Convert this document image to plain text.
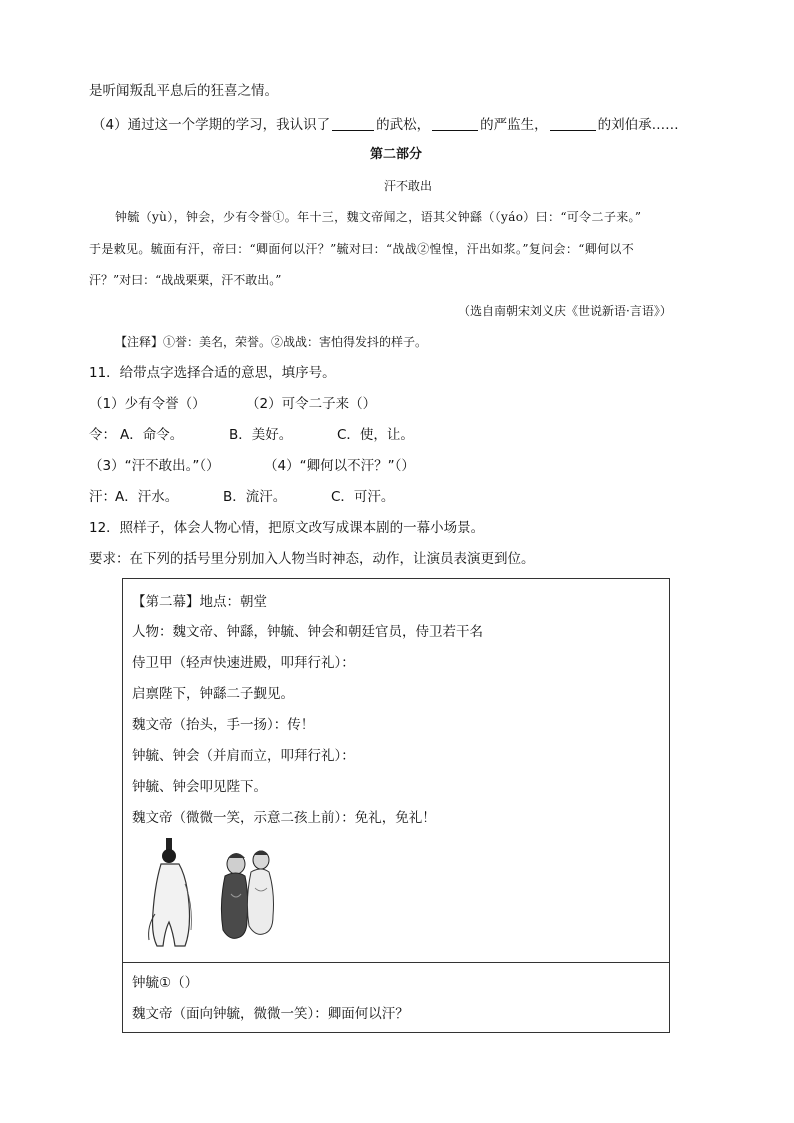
是听闻叛乱平息后的狂喜之情。
（4）通过这一个学期的学习，我认识了	的武松，	的严监生，	的刘伯承……
第二部分
汗不敢出
钟毓（yù），钟会，少有令誉①。年十三，魏文帝闻之，语其父钟繇（（yáo）曰：“可令二子来。”
于是敕见。毓面有汗，帝曰：“卿面何以汗？”毓对曰：“战战②惶惶，汗出如浆。”复问会：“卿何以不
汗？”对曰：“战战栗栗，汗不敢出。”
（选自南朝宋刘义庆《世说新语·言语》）
【注释】①誉：美名，荣誉。②战战：害怕得发抖的样子。
11．给带点字选择合适的意思，填序号。
（1）少有令誉（）	（2）可令二子来（）
令： A．命令。	B．美好。	C．使，让。
（3）“汗不敢出。”（）	（4）“卿何以不汗？”（）
汗： A．汗水。	B．流汗。	C．可汗。
12．照样子，体会人物心情，把原文改写成课本剧的一幕小场景。
要求：在下列的括号里分别加入人物当时神态，动作，让演员表演更到位。
【第二幕】地点：朝堂
人物：魏文帝、钟繇，钟毓、钟会和朝廷官员，侍卫若干名
侍卫甲（轻声快速进殿，叩拜行礼）：
启禀陛下，钟繇二子觐见。
魏文帝（抬头，手一扬）：传！
钟毓、钟会（并肩而立，叩拜行礼）：
钟毓、钟会叩见陛下。
魏文帝（微微一笑，示意二孩上前）：免礼，免礼！
钟毓①（）
魏文帝（面向钟毓，微微一笑）：卿面何以汗？
